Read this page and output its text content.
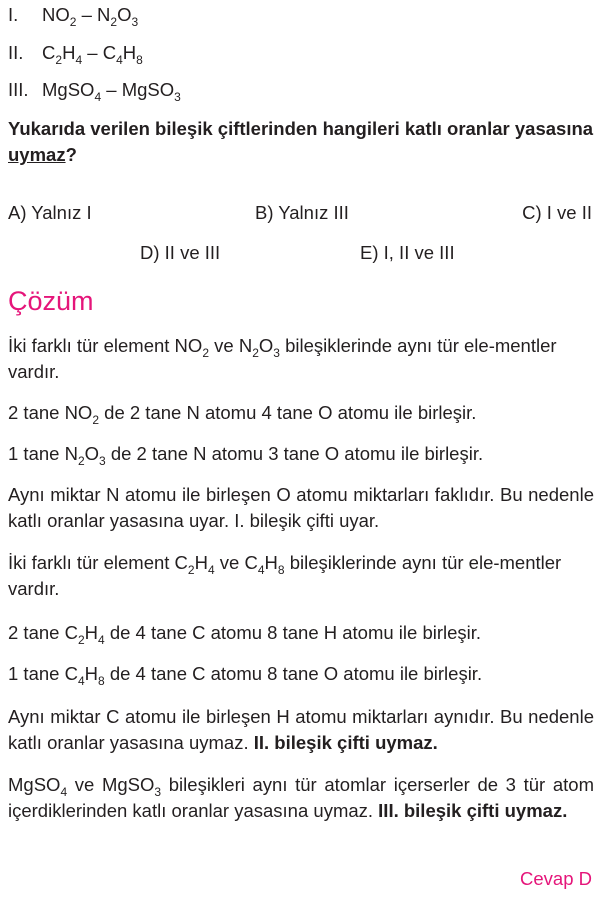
I. $NO_2 - N_2O_3$
II. $C_2H_4 - C_4H_8$
III. MgSO$_4$ – MgSO$_3$
Yukarıda verilen bileşik çiftlerinden hangileri katlı oranlar yasasına uymaz?
A) Yalnız I	B) Yalnız III	C) I ve II
D) II ve III	E) I, II ve III
Çözüm
İki farklı tür element $NO_2$ ve $N_2O_3$ bileşiklerinde aynı tür ele-mentler vardır.
2 tane $NO_2$ de 2 tane N atomu 4 tane O atomu ile birleşir.
1 tane $N_2O_3$ de 2 tane N atomu 3 tane O atomu ile birleşir.
Aynı miktar N atomu ile birleşen O atomu miktarları faklıdır. Bu nedenle katlı oranlar yasasına uyar. I. bileşik çifti uyar.
İki farklı tür element $C_2H_4$ ve $C_4H_8$ bileşiklerinde aynı tür ele-mentler vardır.
2 tane $C_2H_4$ de 4 tane C atomu 8 tane H atomu ile birleşir.
1 tane $C_4H_8$ de 4 tane C atomu 8 tane O atomu ile birleşir.
Aynı miktar C atomu ile birleşen H atomu miktarları aynıdır. Bu nedenle katlı oranlar yasasına uymaz. II. bileşik çifti uymaz.
MgSO$_4$ ve MgSO$_3$ bileşikleri aynı tür atomlar içerserler de 3 tür atom içerdiklerinden katlı oranlar yasasına uymaz. III. bileşik çifti uymaz.
Cevap D
